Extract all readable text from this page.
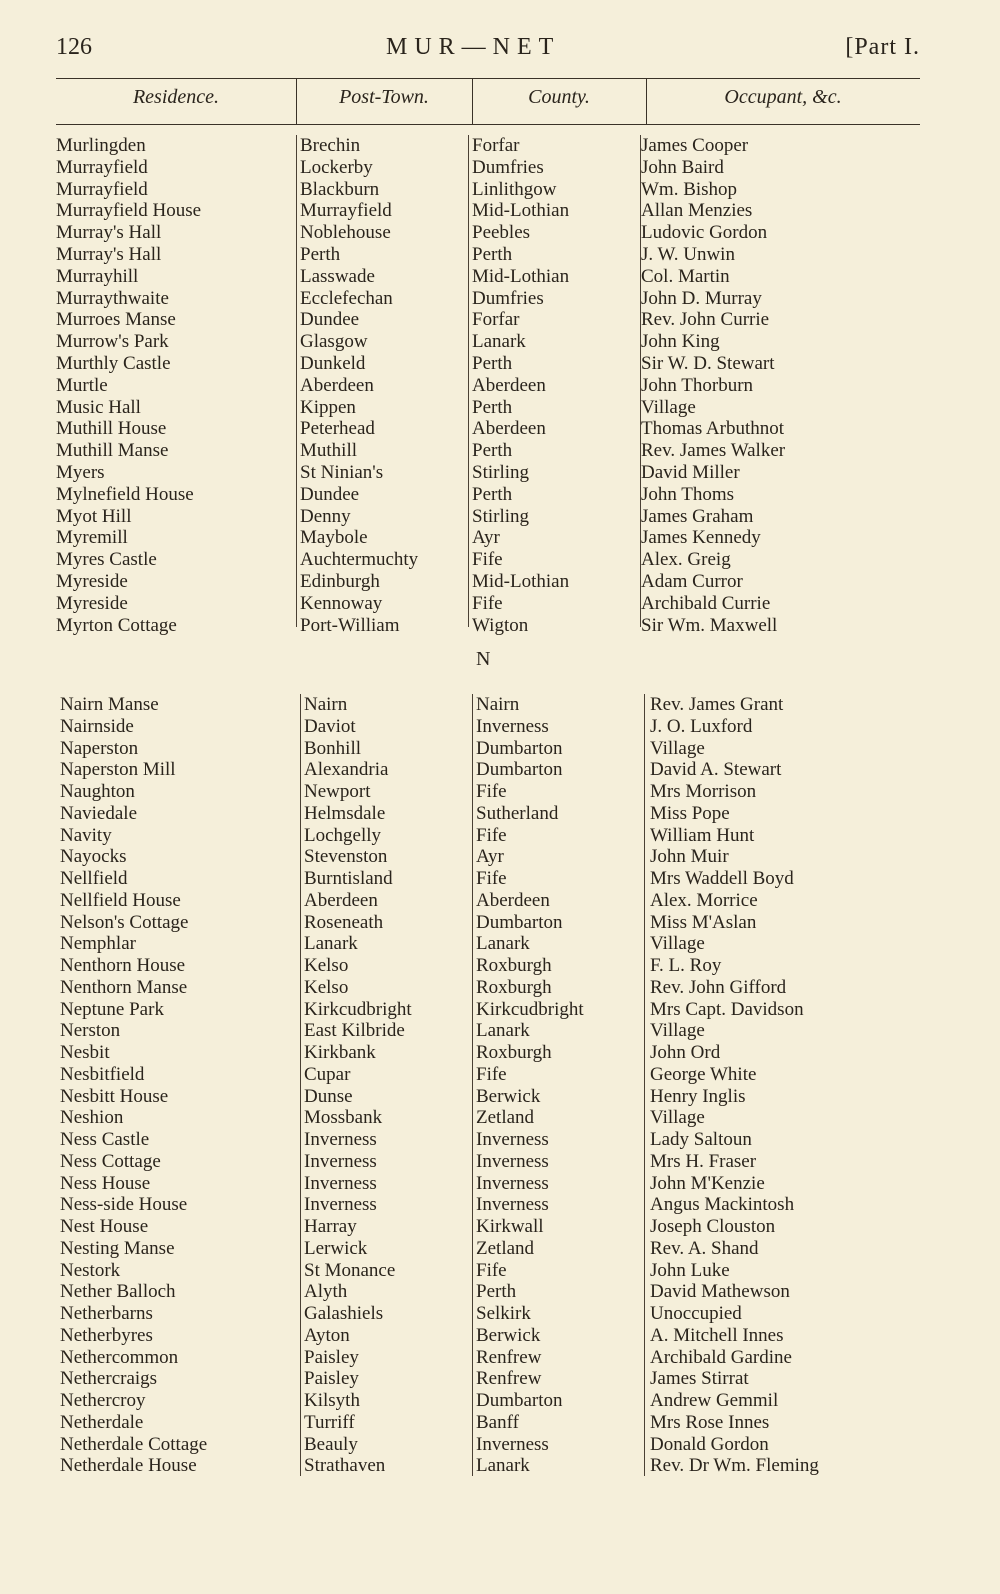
126	MUR—NET	[Part I.
Residence.	Post-Town.	County.	Occupant, &c.
Murlingden	Brechin	Forfar	James Cooper
Murrayfield	Lockerby	Dumfries	John Baird
Murrayfield	Blackburn	Linlithgow	Wm. Bishop
Murrayfield House	Murrayfield	Mid-Lothian	Allan Menzies
Murray's Hall	Noblehouse	Peebles	Ludovic Gordon
Murray's Hall	Perth	Perth	J. W. Unwin
Murrayhill	Lasswade	Mid-Lothian	Col. Martin
Murraythwaite	Ecclefechan	Dumfries	John D. Murray
Murroes Manse	Dundee	Forfar	Rev. John Currie
Murrow's Park	Glasgow	Lanark	John King
Murthly Castle	Dunkeld	Perth	Sir W. D. Stewart
Murtle	Aberdeen	Aberdeen	John Thorburn
Music Hall	Kippen	Perth	Village
Muthill House	Peterhead	Aberdeen	Thomas Arbuthnot
Muthill Manse	Muthill	Perth	Rev. James Walker
Myers	St Ninian's	Stirling	David Miller
Mylnefield House	Dundee	Perth	John Thoms
Myot Hill	Denny	Stirling	James Graham
Myremill	Maybole	Ayr	James Kennedy
Myres Castle	Auchtermuchty	Fife	Alex. Greig
Myreside	Edinburgh	Mid-Lothian	Adam Curror
Myreside	Kennoway	Fife	Archibald Currie
Myrton Cottage	Port-William	Wigton	Sir Wm. Maxwell
N
Nairn Manse	Nairn	Nairn	Rev. James Grant
Nairnside	Daviot	Inverness	J. O. Luxford
Naperston	Bonhill	Dumbarton	Village
Naperston Mill	Alexandria	Dumbarton	David A. Stewart
Naughton	Newport	Fife	Mrs Morrison
Naviedale	Helmsdale	Sutherland	Miss Pope
Navity	Lochgelly	Fife	William Hunt
Nayocks	Stevenston	Ayr	John Muir
Nellfield	Burntisland	Fife	Mrs Waddell Boyd
Nellfield House	Aberdeen	Aberdeen	Alex. Morrice
Nelson's Cottage	Roseneath	Dumbarton	Miss M'Aslan
Nemphlar	Lanark	Lanark	Village
Nenthorn House	Kelso	Roxburgh	F. L. Roy
Nenthorn Manse	Kelso	Roxburgh	Rev. John Gifford
Neptune Park	Kirkcudbright	Kirkcudbright	Mrs Capt. Davidson
Nerston	East Kilbride	Lanark	Village
Nesbit	Kirkbank	Roxburgh	John Ord
Nesbitfield	Cupar	Fife	George White
Nesbitt House	Dunse	Berwick	Henry Inglis
Neshion	Mossbank	Zetland	Village
Ness Castle	Inverness	Inverness	Lady Saltoun
Ness Cottage	Inverness	Inverness	Mrs H. Fraser
Ness House	Inverness	Inverness	John M'Kenzie
Ness-side House	Inverness	Inverness	Angus Mackintosh
Nest House	Harray	Kirkwall	Joseph Clouston
Nesting Manse	Lerwick	Zetland	Rev. A. Shand
Nestork	St Monance	Fife	John Luke
Nether Balloch	Alyth	Perth	David Mathewson
Netherbarns	Galashiels	Selkirk	Unoccupied
Netherbyres	Ayton	Berwick	A. Mitchell Innes
Nethercommon	Paisley	Renfrew	Archibald Gardine
Nethercraigs	Paisley	Renfrew	James Stirrat
Nethercroy	Kilsyth	Dumbarton	Andrew Gemmil
Netherdale	Turriff	Banff	Mrs Rose Innes
Netherdale Cottage	Beauly	Inverness	Donald Gordon
Netherdale House	Strathaven	Lanark	Rev. Dr Wm. Fleming
